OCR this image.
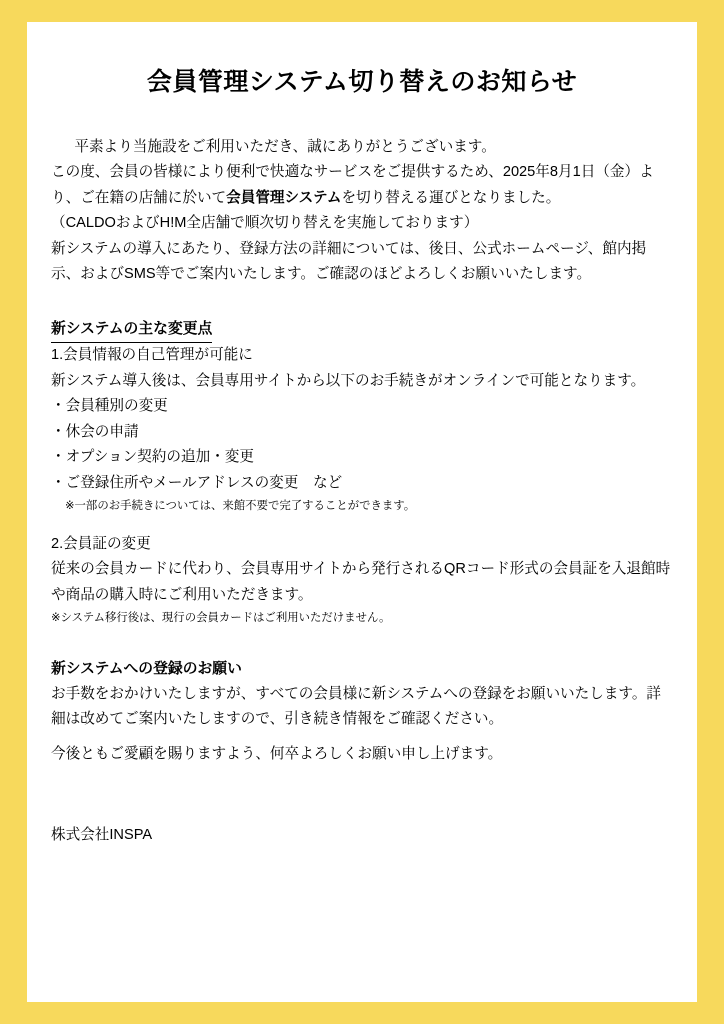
会員管理システム切り替えのお知らせ
平素より当施設をご利用いただき、誠にありがとうございます。
この度、会員の皆様により便利で快適なサービスをご提供するため、2025年8月1日（金）より、ご在籍の店舗に於いて会員管理システムを切り替える運びとなりました。
（CALDOおよびH!M全店舗で順次切り替えを実施しております）
新システムの導入にあたり、登録方法の詳細については、後日、公式ホームページ、館内掲示、およびSMS等でご案内いたします。ご確認のほどよろしくお願いいたします。
新システムの主な変更点
1.会員情報の自己管理が可能に
新システム導入後は、会員専用サイトから以下のお手続きがオンラインで可能となります。
・会員種別の変更
・休会の申請
・オプション契約の追加・変更
・ご登録住所やメールアドレスの変更　など
※一部のお手続きについては、来館不要で完了することができます。
2.会員証の変更
従来の会員カードに代わり、会員専用サイトから発行されるQRコード形式の会員証を入退館時や商品の購入時にご利用いただきます。
※システム移行後は、現行の会員カードはご利用いただけません。
新システムへの登録のお願い
お手数をおかけいたしますが、すべての会員様に新システムへの登録をお願いいたします。詳細は改めてご案内いたしますので、引き続き情報をご確認ください。
今後ともご愛顧を賜りますよう、何卒よろしくお願い申し上げます。
株式会社INSPA
